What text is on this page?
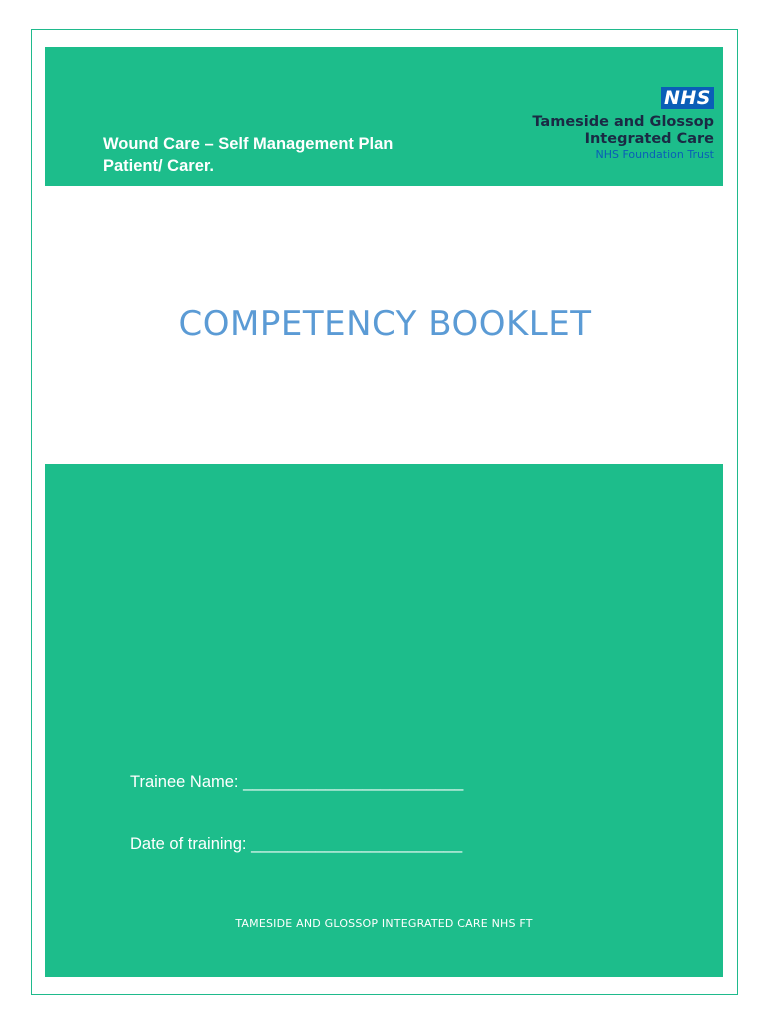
Wound Care – Self Management Plan
Patient/ Carer.
NHS
Tameside and Glossop
Integrated Care
NHS Foundation Trust
COMPETENCY BOOKLET
Trainee Name: ________________________
Date of training: _______________________
TAMESIDE AND GLOSSOP INTEGRATED CARE NHS FT
